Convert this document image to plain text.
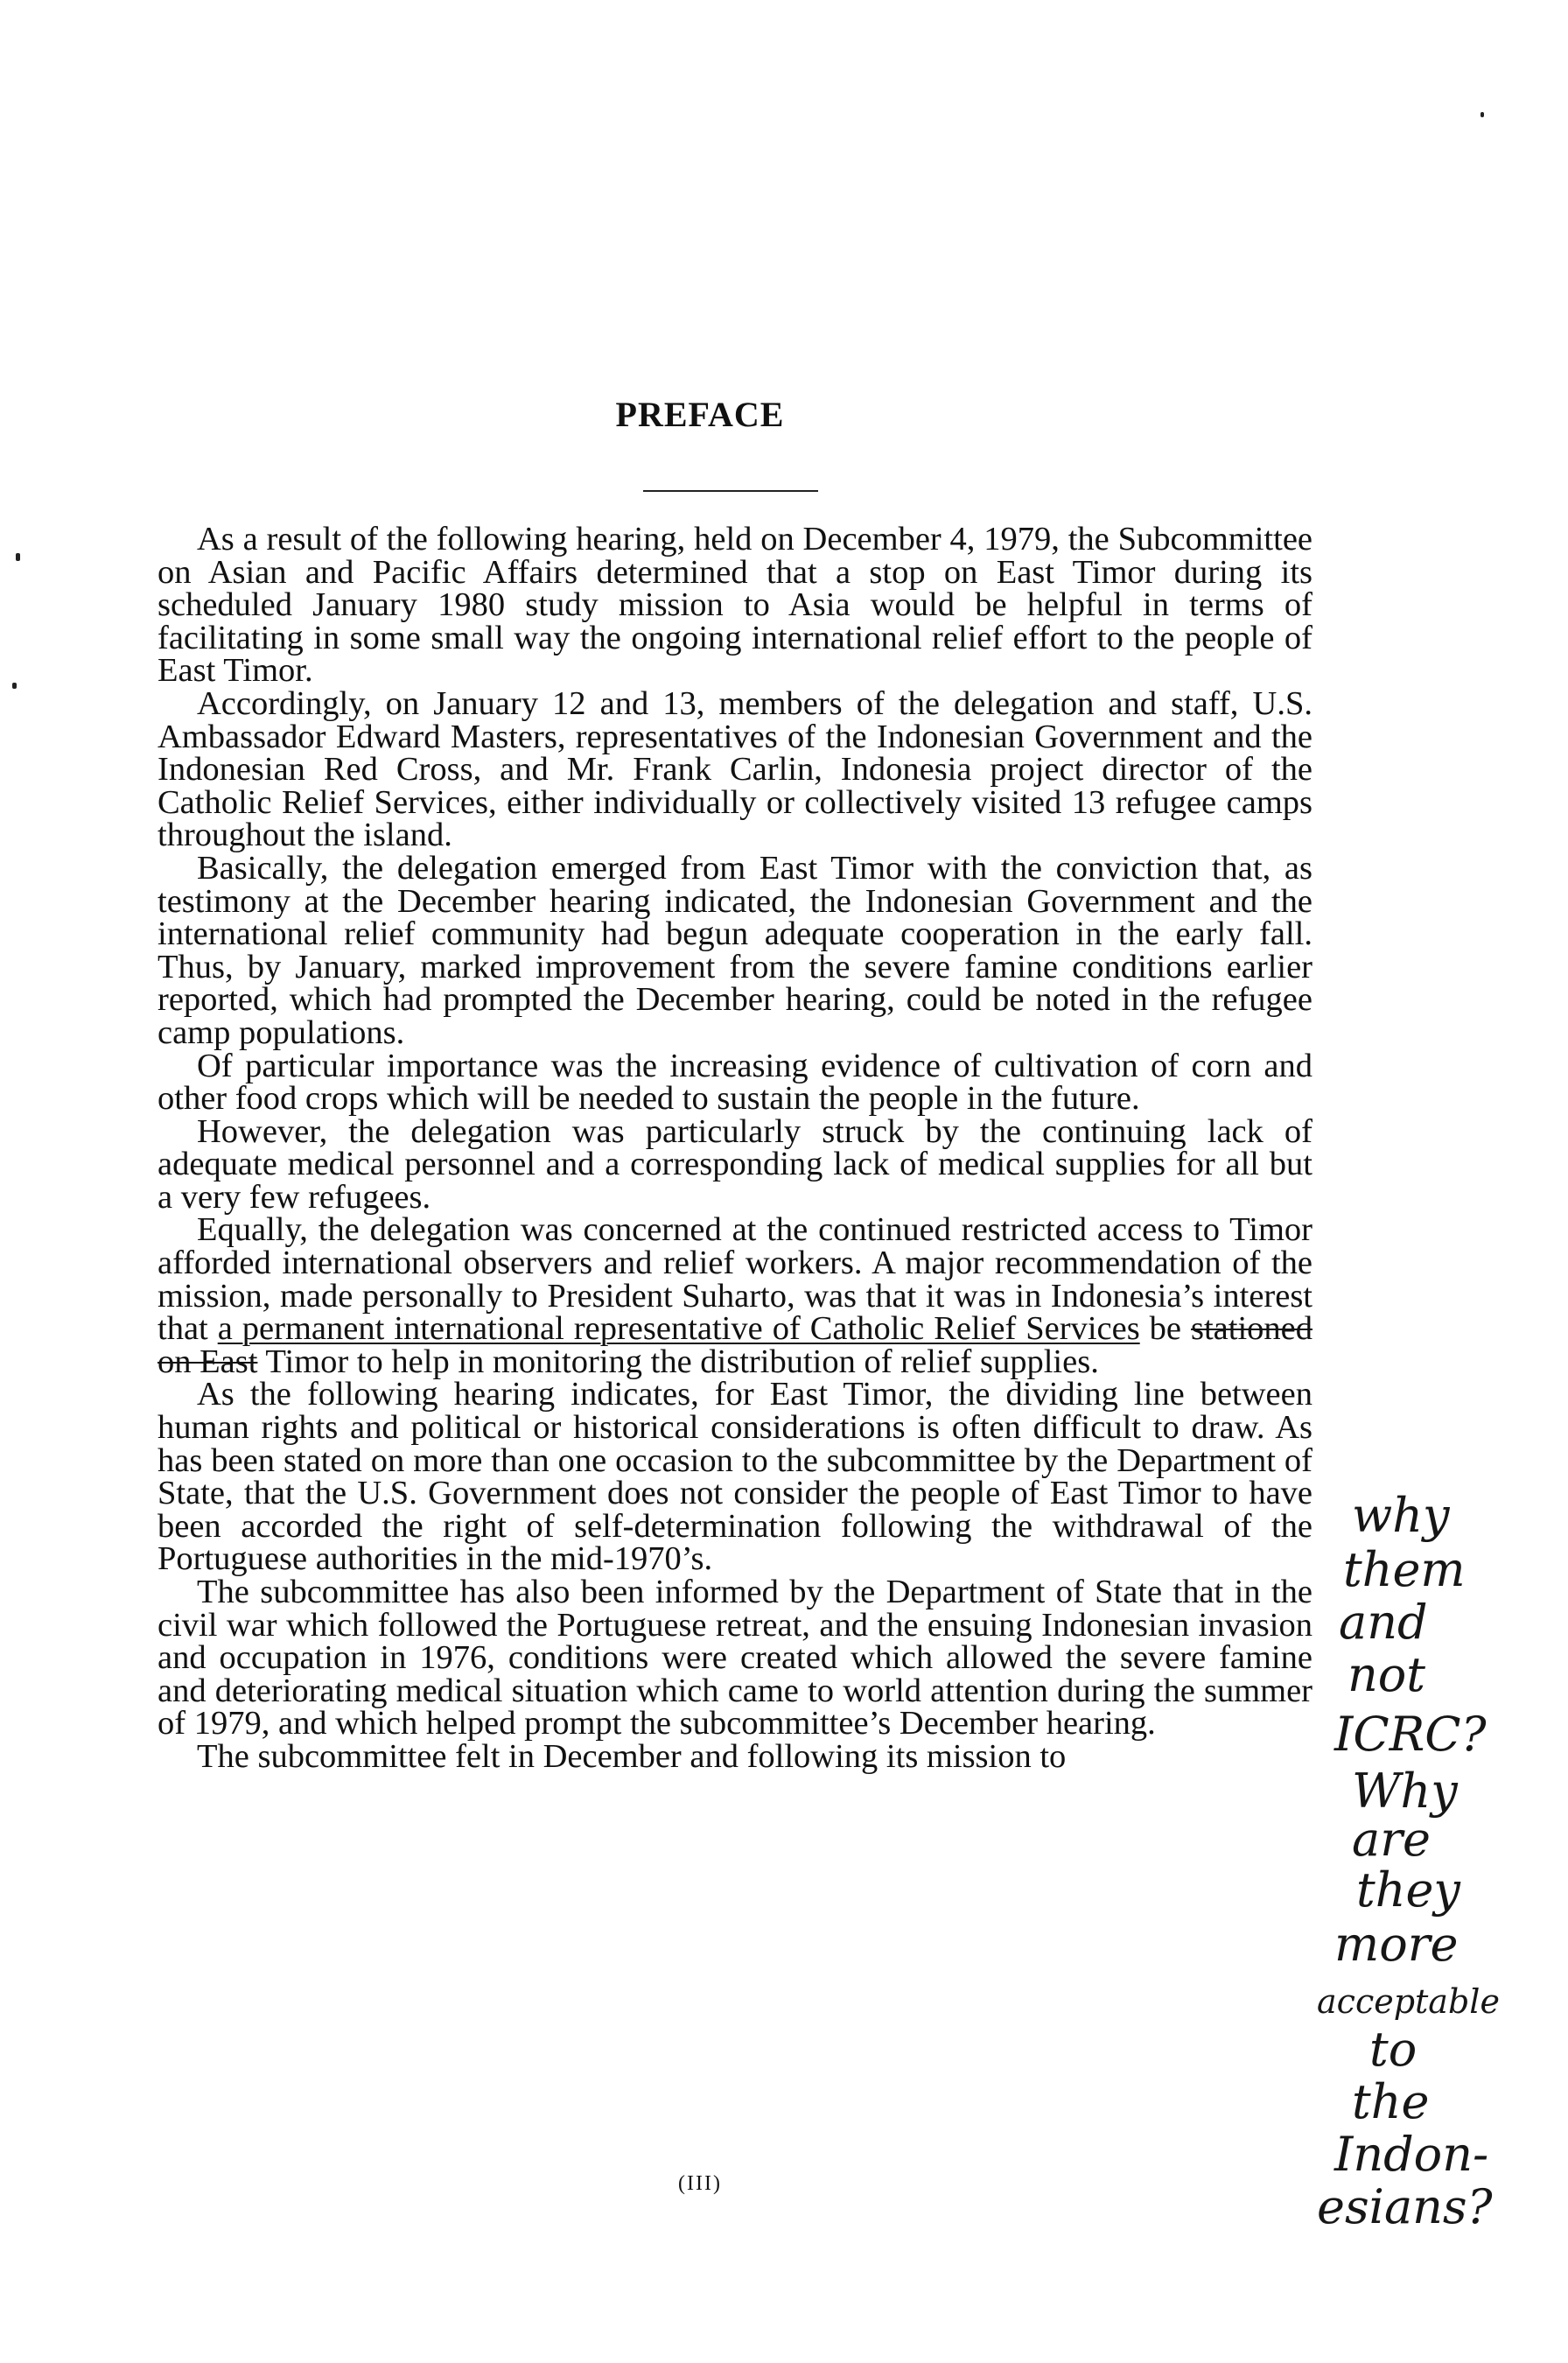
PREFACE

As a result of the following hearing, held on December 4, 1979, the Subcommittee on Asian and Pacific Affairs determined that a stop on East Timor during its scheduled January 1980 study mission to Asia would be helpful in terms of facilitating in some small way the ongoing international relief effort to the people of East Timor.

Accordingly, on January 12 and 13, members of the delegation and staff, U.S. Ambassador Edward Masters, representatives of the Indonesian Government and the Indonesian Red Cross, and Mr. Frank Carlin, Indonesia project director of the Catholic Relief Services, either individually or collectively visited 13 refugee camps throughout the island.

Basically, the delegation emerged from East Timor with the conviction that, as testimony at the December hearing indicated, the Indonesian Government and the international relief community had begun adequate cooperation in the early fall. Thus, by January, marked improvement from the severe famine conditions earlier reported, which had prompted the December hearing, could be noted in the refugee camp populations.

Of particular importance was the increasing evidence of cultivation of corn and other food crops which will be needed to sustain the people in the future.

However, the delegation was particularly struck by the continuing lack of adequate medical personnel and a corresponding lack of medical supplies for all but a very few refugees.

Equally, the delegation was concerned at the continued restricted access to Timor afforded international observers and relief workers. A major recommendation of the mission, made personally to President Suharto, was that it was in Indonesia’s interest that a permanent international representative of Catholic Relief Services be stationed on East Timor to help in monitoring the distribution of relief supplies.

As the following hearing indicates, for East Timor, the dividing line between human rights and political or historical considerations is often difficult to draw. As has been stated on more than one occasion to the subcommittee by the Department of State, that the U.S. Government does not consider the people of East Timor to have been accorded the right of self-determination following the withdrawal of the Portuguese authorities in the mid-1970’s.

The subcommittee has also been informed by the Department of State that in the civil war which followed the Portuguese retreat, and the ensuing Indonesian invasion and occupation in 1976, conditions were created which allowed the severe famine and deteriorating medical situation which came to world attention during the summer of 1979, and which helped prompt the subcommittee’s December hearing.

The subcommittee felt in December and following its mission to

(III)
why
them
and
not
ICRC?
Why
are
they
more
acceptable
to
the
Indon-
esians?
